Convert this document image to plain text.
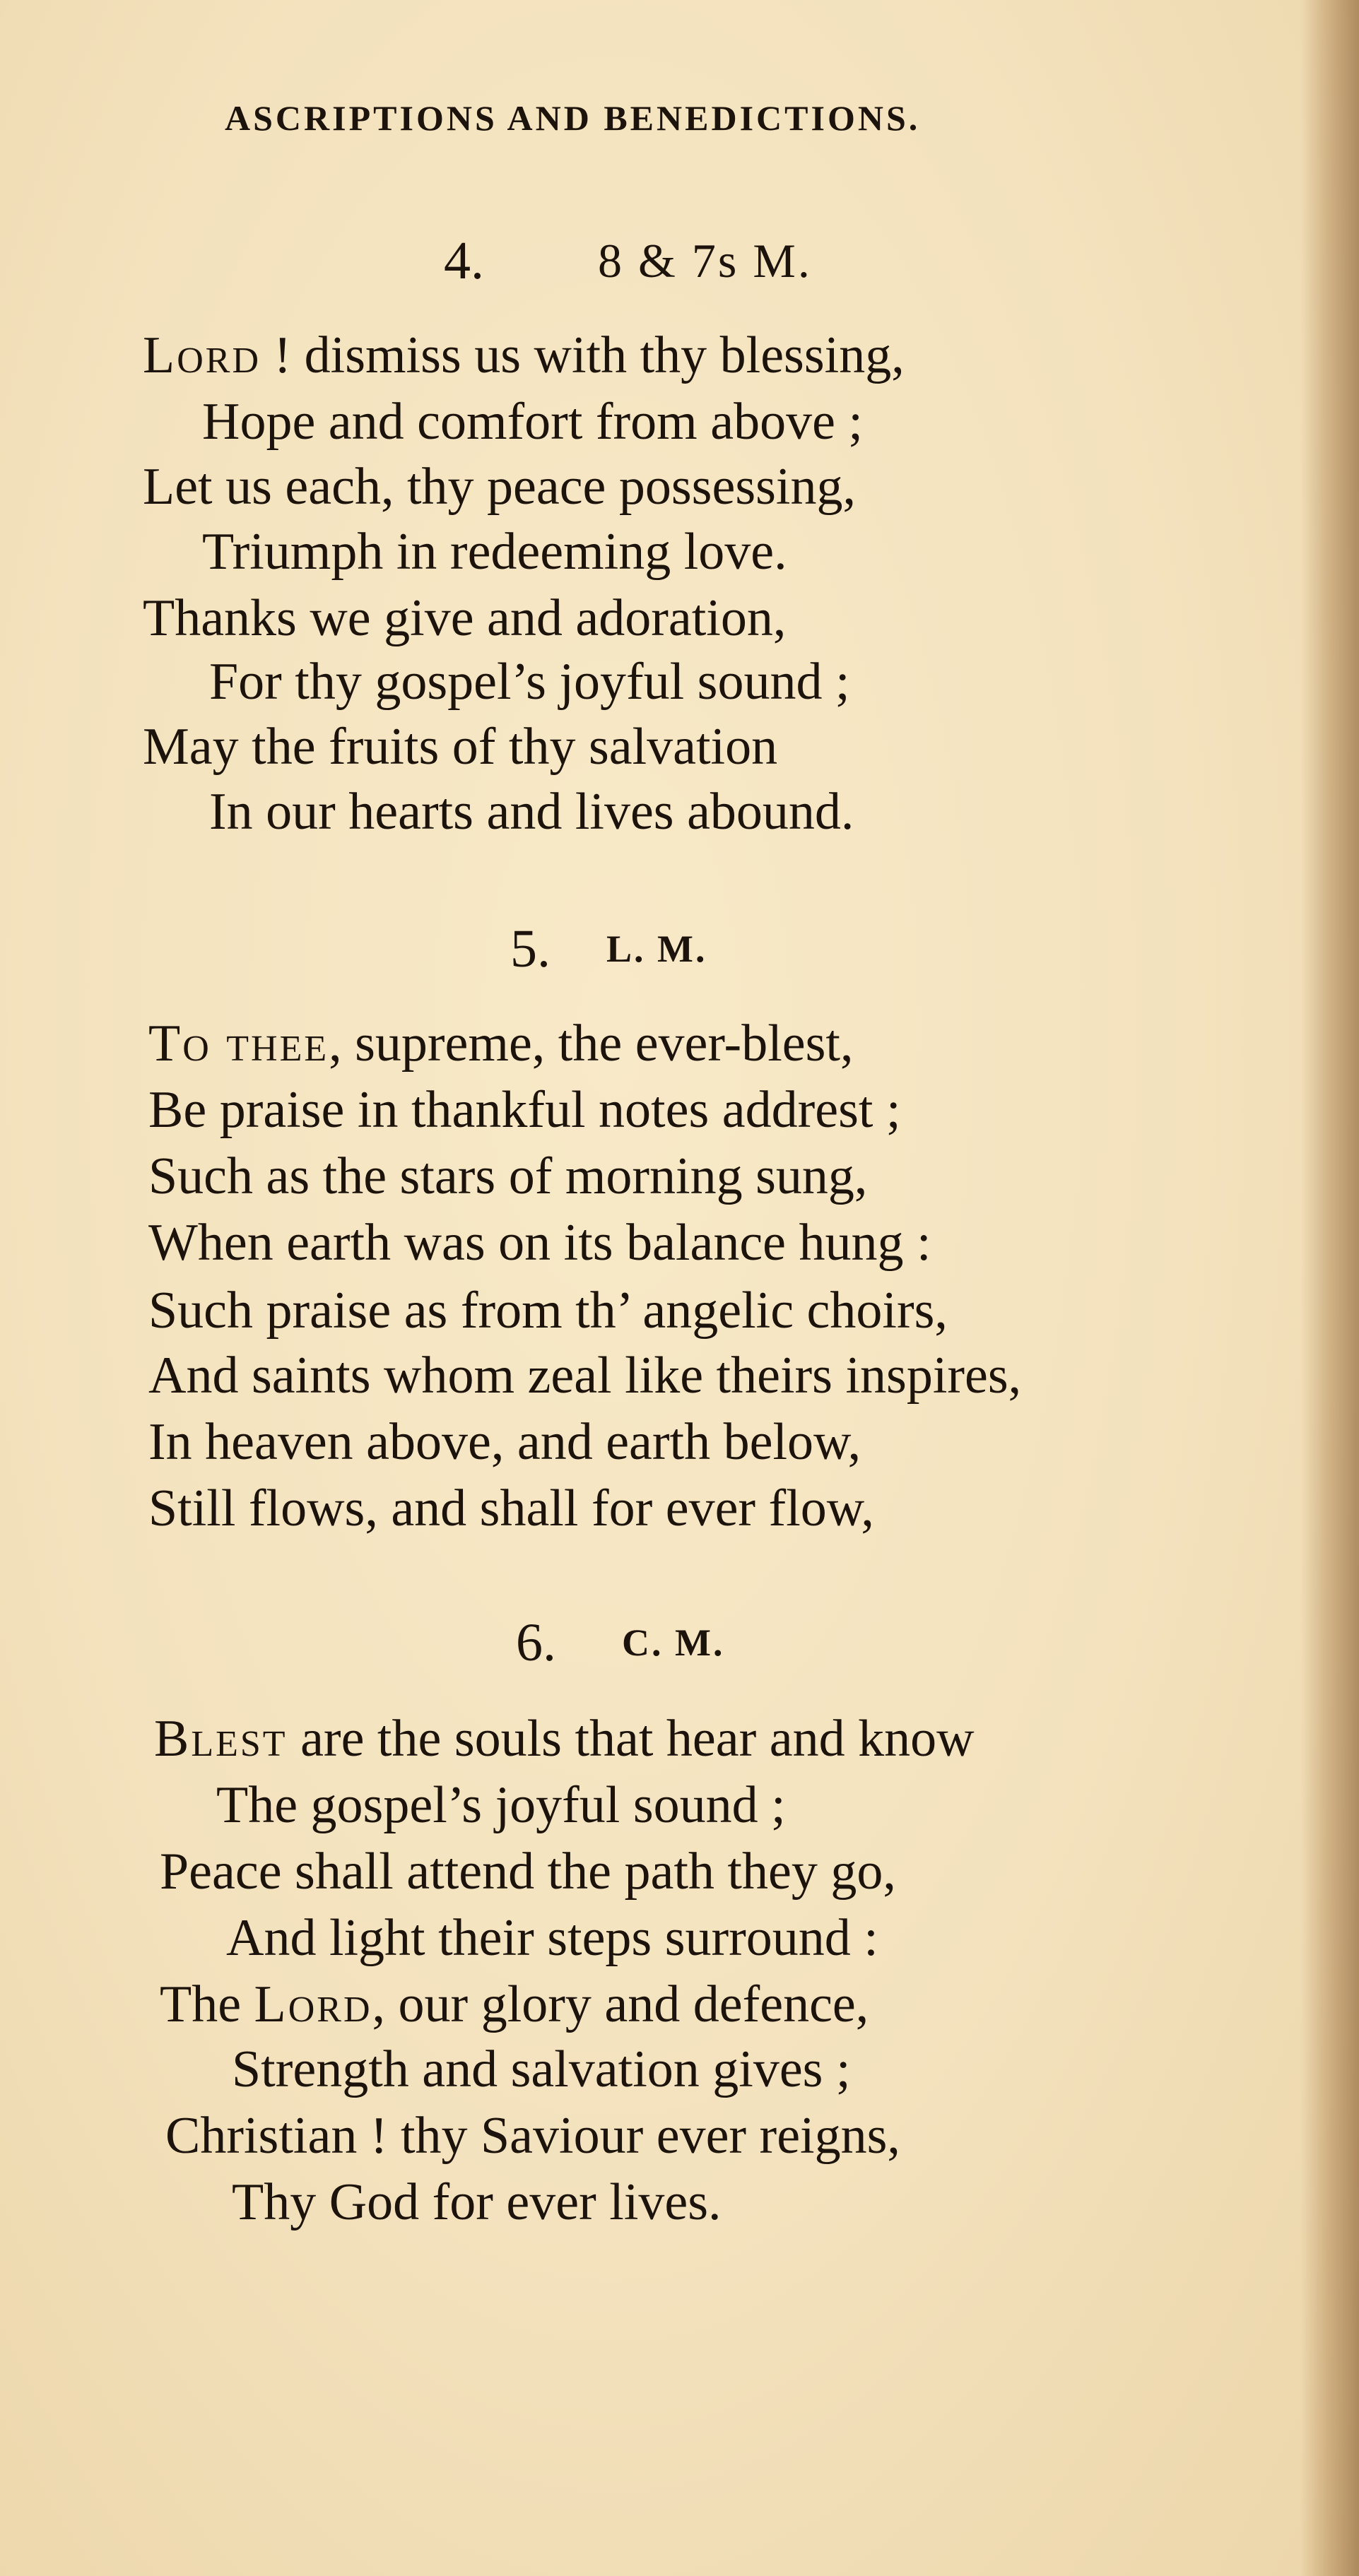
ASCRIPTIONS AND BENEDICTIONS.
4. 8 & 7s M.
Lord ! dismiss us with thy blessing,
Hope and comfort from above ;
Let us each, thy peace possessing,
Triumph in redeeming love.
Thanks we give and adoration,
For thy gospel’s joyful sound ;
May the fruits of thy salvation
In our hearts and lives abound.
5. L. M.
To thee, supreme, the ever-blest,
Be praise in thankful notes addrest ;
Such as the stars of morning sung,
When earth was on its balance hung :
Such praise as from th’ angelic choirs,
And saints whom zeal like theirs inspires,
In heaven above, and earth below,
Still flows, and shall for ever flow,
6. C. M.
Blest are the souls that hear and know
The gospel’s joyful sound ;
Peace shall attend the path they go,
And light their steps surround :
The Lord, our glory and defence,
Strength and salvation gives ;
Christian ! thy Saviour ever reigns,
Thy God for ever lives.
